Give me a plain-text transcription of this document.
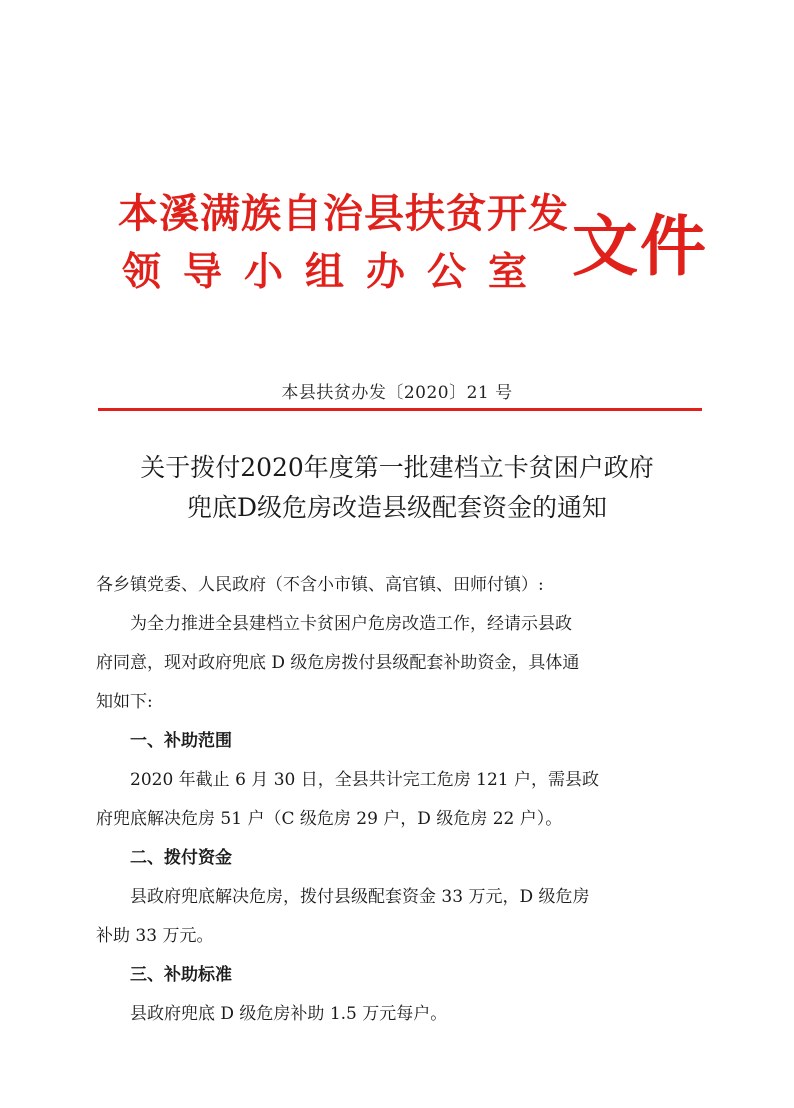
本溪满族自治县扶贫开发
领导小组办公室 文件
本县扶贫办发〔2020〕21 号
关于拨付2020年度第一批建档立卡贫困户政府
兜底D级危房改造县级配套资金的通知

各乡镇党委、人民政府（不含小市镇、高官镇、田师付镇）:

为全力推进全县建档立卡贫困户危房改造工作，经请示县政

府同意，现对政府兜底 D 级危房拨付县级配套补助资金，具体通

知如下:

一、补助范围

2020 年截止 6 月 30 日，全县共计完工危房 121 户，需县政

府兜底解决危房 51 户（C 级危房 29 户，D 级危房 22 户）。

二、拨付资金

县政府兜底解决危房，拨付县级配套资金 33 万元，D 级危房

补助 33 万元。

三、补助标准

县政府兜底 D 级危房补助 1.5 万元每户。
